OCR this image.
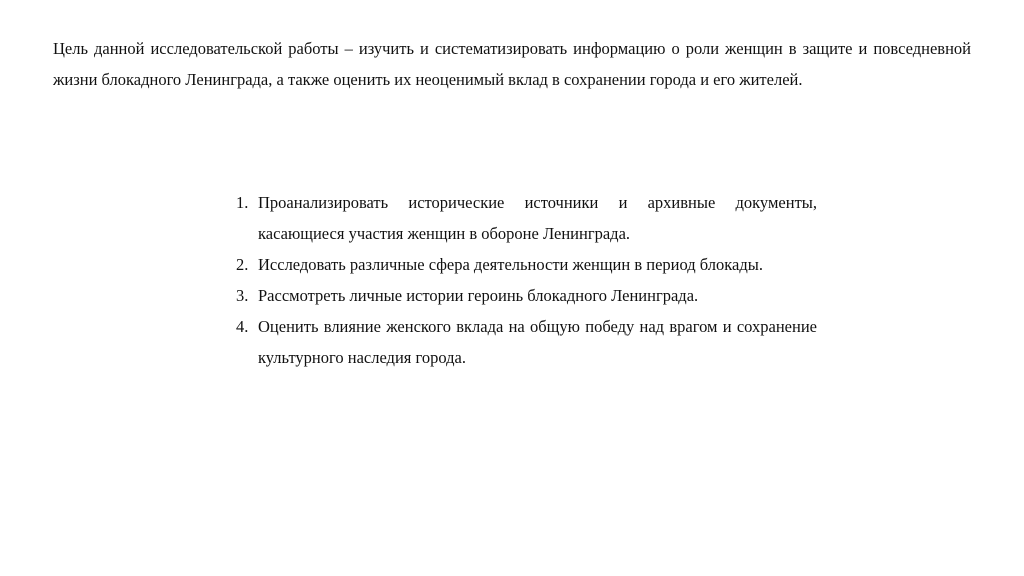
Цель данной исследовательской работы – изучить и систематизировать информацию о роли женщин в защите и повседневной жизни блокадного Ленинграда, а также оценить их неоценимый вклад в сохранении города и его жителей.

1. Проанализировать исторические источники и архивные документы, касающиеся участия женщин в обороне Ленинграда.
2. Исследовать различные сфера деятельности женщин в период блокады.
3. Рассмотреть личные истории героинь блокадного Ленинграда.
4. Оценить влияние женского вклада на общую победу над врагом и сохранение культурного наследия города.
